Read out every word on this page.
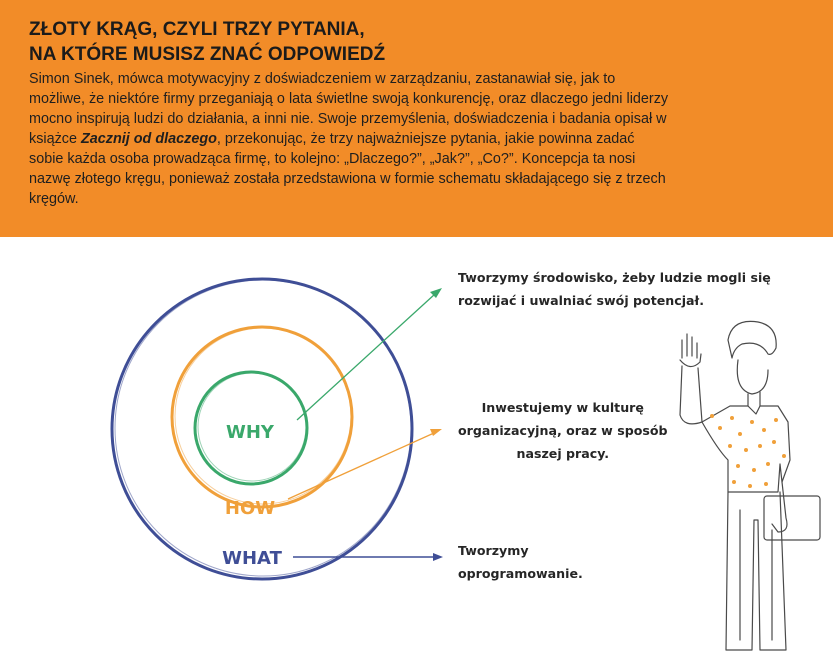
ZŁOTY KRĄG, CZYLI TRZY PYTANIA,
NA KTÓRE MUSISZ ZNAĆ ODPOWIEDŹ

Simon Sinek, mówca motywacyjny z doświadczeniem w zarządzaniu, zastanawiał się, jak to możliwe, że niektóre firmy przeganiają o lata świetlne swoją konkurencję, oraz dlaczego jedni liderzy mocno inspirują ludzi do działania, a inni nie. Swoje przemyślenia, doświadczenia i badania opisał w książce Zacznij od dlaczego, przekonując, że trzy najważniejsze pytania, jakie powinna zadać sobie każda osoba prowadząca firmę, to kolejno: „Dlaczego?”, „Jak?”, „Co?”. Koncepcja ta nosi nazwę złotego kręgu, ponieważ została przedstawiona w formie schematu składającego się z trzech kręgów.

WHY
HOW
WHAT

Tworzymy środowisko, żeby ludzie mogli się
rozwijać i uwalniać swój potencjał.

Inwestujemy w kulturę
organizacyjną, oraz w sposób
naszej pracy.

Tworzymy
oprogramowanie.
